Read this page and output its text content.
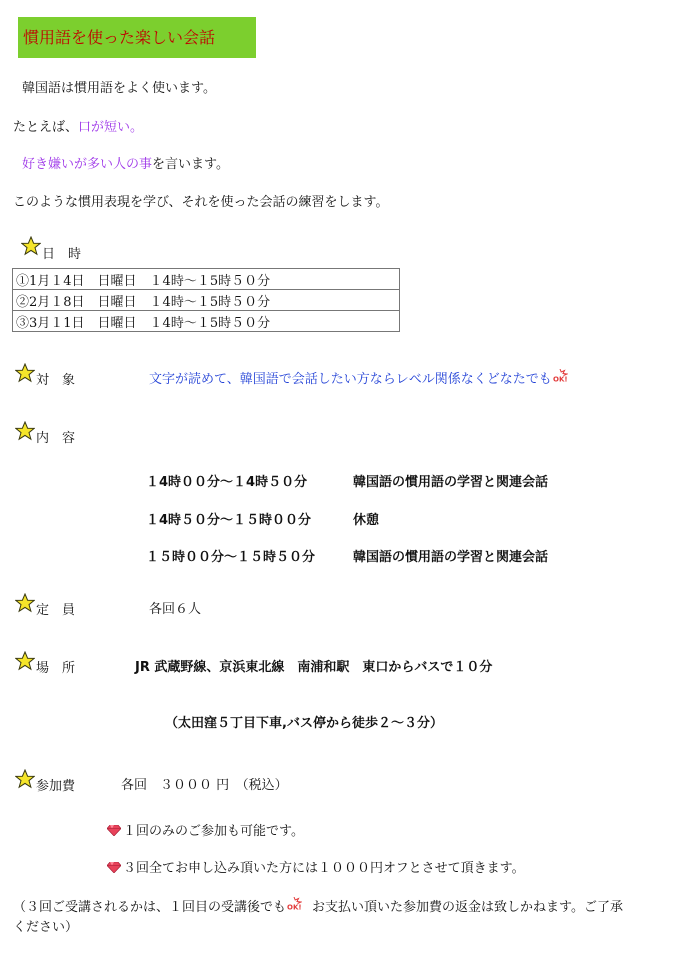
慣用語を使った楽しい会話
韓国語は慣用語をよく使います。
たとえば、口が短い。
好き嫌いが多い人の事を言います。
このような慣用表現を学び、それを使った会話の練習をします。
日　時
①1月１4日　日曜日　１4時～１5時５０分
②2月１8日　日曜日　１4時～１5時５０分
③3月１1日　日曜日　１4時～１5時５０分
対　象	文字が読めて、韓国語で会話したい方ならレベル関係なくどなたでも
内　容
１4時００分～１4時５０分	韓国語の慣用語の学習と関連会話
１4時５０分～１５時００分	休憩
１５時００分～１５時５０分	韓国語の慣用語の学習と関連会話
定　員	各回６人
場　所	JR 武蔵野線、京浜東北線　南浦和駅　東口からバスで１０分
（太田窪５丁目下車,バス停から徒歩２～３分）
参加費	各回　３０００ 円　（税込）
１回のみのご参加も可能です。
３回全てお申し込み頂いた方には１０００円オフとさせて頂きます。
（３回ご受講されるかは、１回目の受講後でも お支払い頂いた参加費の返金は致しかねます。ご了承
ください）
